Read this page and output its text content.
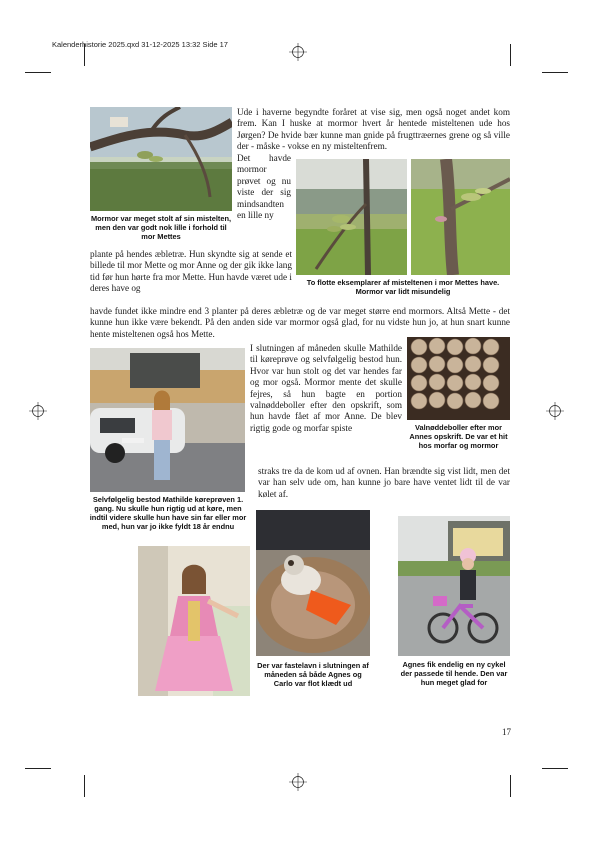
Kalenderhistorie 2025.qxd 31-12-2025 13:32 Side 17
Mormor var meget stolt af sin mistelten, men den var godt nok lille i forhold til mor Mettes
To flotte eksemplarer af misteltenen i mor Mettes have. Mormor var lidt misundelig
Ude i haverne begyndte foråret at vise sig, men også noget andet kom frem. Kan I huske at mormor hvert år hentede misteltenen ude hos Jørgen? De hvide bær kunne man gnide på frugttræernes grene og så ville der - måske - vokse en ny misteltenfrem.
Det havde mormor prøvet og nu viste der sig mindsandten en lille ny
plante på hendes æbletræ. Hun skyndte sig at sende et billede til mor Mette og mor Anne og der gik ikke lang tid før hun hørte fra mor Mette. Hun havde været ude i deres have og
havde fundet ikke mindre end 3 planter på deres æbletræ og de var meget større end mormors. Altså Mette - det kunne hun ikke være bekendt. På den anden side var mormor også glad, for nu vidste hun jo, at hun snart kunne hente misteltenen også hos Mette.
Selvfølgelig bestod Mathilde køreprøven 1. gang. Nu skulle hun rigtig ud at køre, men indtil videre skulle hun have sin far eller mor med, hun var jo ikke fyldt 18 år endnu
Valnøddeboller efter mor Annes opskrift. De var et hit hos morfar og mormor
I slutningen af måneden skulle Mathilde til køreprøve og selvfølgelig bestod hun. Hvor var hun stolt og det var hendes far og mor også. Mormor mente det skulle fejres, så hun bagte en portion valnøddeboller efter den opskrift, som hun havde fået af mor Anne. De blev rigtig gode og morfar spiste
straks tre da de kom ud af ovnen. Han brændte sig vist lidt, men det var han selv ude om, han kunne jo bare have ventet lidt til de var kølet af.
Der var fastelavn i slutningen af måneden så både Agnes og Carlo var flot klædt ud
Agnes fik endelig en ny cykel der passede til hende. Den var hun meget glad for
17
